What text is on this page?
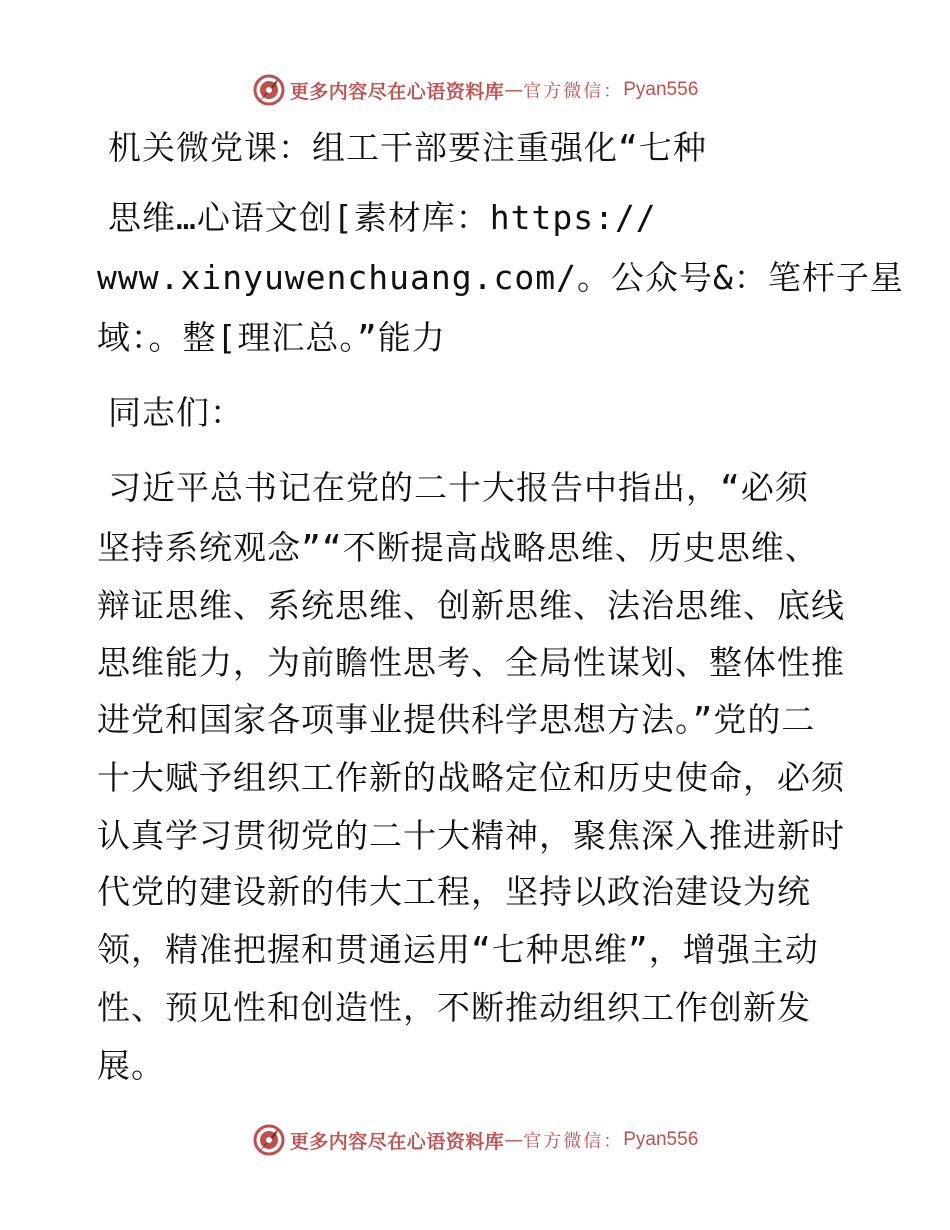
更多内容尽在心语资料库 — 官方微信： Pyan556
机关微党课：组工干部要注重强化“七种
思维…心语文创[素材库：https://
www.xinyuwenchuang.com/。公众号&：笔杆子星
域：。整[理汇总。”能力
同志们：
习近平总书记在党的二十大报告中指出，“必须
坚持系统观念”“不断提高战略思维、历史思维、
辩证思维、系统思维、创新思维、法治思维、底线
思维能力，为前瞻性思考、全局性谋划、整体性推
进党和国家各项事业提供科学思想方法。”党的二
十大赋予组织工作新的战略定位和历史使命，必须
认真学习贯彻党的二十大精神，聚焦深入推进新时
代党的建设新的伟大工程，坚持以政治建设为统
领，精准把握和贯通运用“七种思维”，增强主动
性、预见性和创造性，不断推动组织工作创新发
展。
更多内容尽在心语资料库 — 官方微信： Pyan556
